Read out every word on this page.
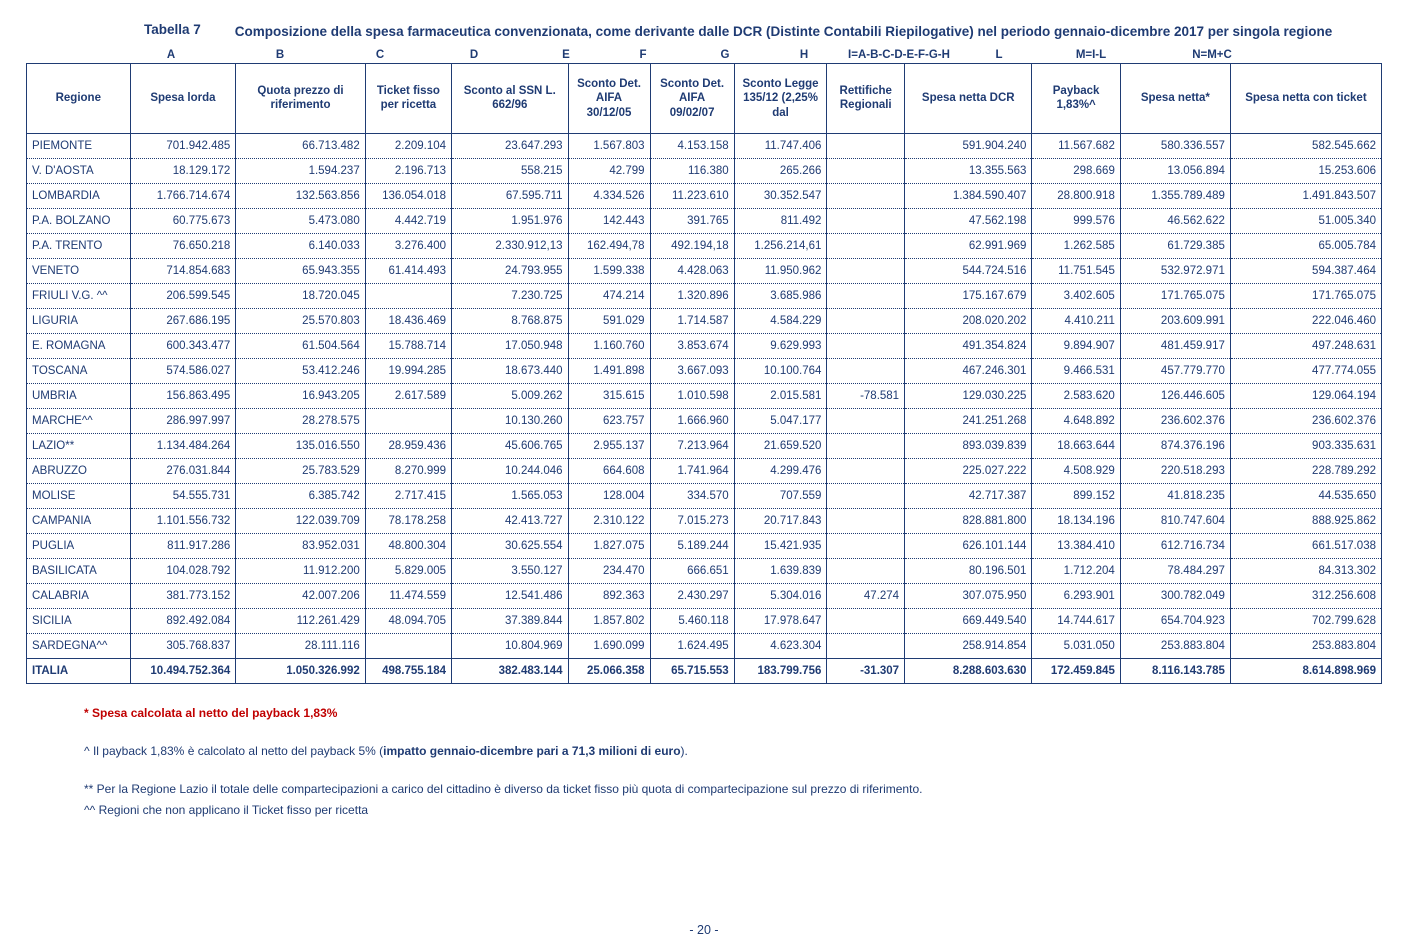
Tabella 7	Composizione della spesa farmaceutica convenzionata, come derivante dalle DCR (Distinte Contabili Riepilogative) nel periodo gennaio-dicembre 2017 per singola regione
A	B	C	D	E	F	G	H	I=A-B-C-D-E-F-G-H	L	M=I-L	N=M+C
Regione	Spesa lorda	Quota prezzo di riferimento	Ticket fisso per ricetta	Sconto al SSN L. 662/96	Sconto Det. AIFA 30/12/05	Sconto Det. AIFA 09/02/07	Sconto Legge 135/12 (2,25% dal	Rettifiche Regionali	Spesa netta DCR	Payback 1,83%^	Spesa netta*	Spesa netta con ticket
PIEMONTE	701.942.485	66.713.482	2.209.104	23.647.293	1.567.803	4.153.158	11.747.406		591.904.240	11.567.682	580.336.557	582.545.662
V. D'AOSTA	18.129.172	1.594.237	2.196.713	558.215	42.799	116.380	265.266		13.355.563	298.669	13.056.894	15.253.606
LOMBARDIA	1.766.714.674	132.563.856	136.054.018	67.595.711	4.334.526	11.223.610	30.352.547		1.384.590.407	28.800.918	1.355.789.489	1.491.843.507
P.A. BOLZANO	60.775.673	5.473.080	4.442.719	1.951.976	142.443	391.765	811.492		47.562.198	999.576	46.562.622	51.005.340
P.A. TRENTO	76.650.218	6.140.033	3.276.400	2.330.912,13	162.494,78	492.194,18	1.256.214,61		62.991.969	1.262.585	61.729.385	65.005.784
VENETO	714.854.683	65.943.355	61.414.493	24.793.955	1.599.338	4.428.063	11.950.962		544.724.516	11.751.545	532.972.971	594.387.464
FRIULI V.G. ^^	206.599.545	18.720.045		7.230.725	474.214	1.320.896	3.685.986		175.167.679	3.402.605	171.765.075	171.765.075
LIGURIA	267.686.195	25.570.803	18.436.469	8.768.875	591.029	1.714.587	4.584.229		208.020.202	4.410.211	203.609.991	222.046.460
E. ROMAGNA	600.343.477	61.504.564	15.788.714	17.050.948	1.160.760	3.853.674	9.629.993		491.354.824	9.894.907	481.459.917	497.248.631
TOSCANA	574.586.027	53.412.246	19.994.285	18.673.440	1.491.898	3.667.093	10.100.764		467.246.301	9.466.531	457.779.770	477.774.055
UMBRIA	156.863.495	16.943.205	2.617.589	5.009.262	315.615	1.010.598	2.015.581	-78.581	129.030.225	2.583.620	126.446.605	129.064.194
MARCHE^^	286.997.997	28.278.575		10.130.260	623.757	1.666.960	5.047.177		241.251.268	4.648.892	236.602.376	236.602.376
LAZIO**	1.134.484.264	135.016.550	28.959.436	45.606.765	2.955.137	7.213.964	21.659.520		893.039.839	18.663.644	874.376.196	903.335.631
ABRUZZO	276.031.844	25.783.529	8.270.999	10.244.046	664.608	1.741.964	4.299.476		225.027.222	4.508.929	220.518.293	228.789.292
MOLISE	54.555.731	6.385.742	2.717.415	1.565.053	128.004	334.570	707.559		42.717.387	899.152	41.818.235	44.535.650
CAMPANIA	1.101.556.732	122.039.709	78.178.258	42.413.727	2.310.122	7.015.273	20.717.843		828.881.800	18.134.196	810.747.604	888.925.862
PUGLIA	811.917.286	83.952.031	48.800.304	30.625.554	1.827.075	5.189.244	15.421.935		626.101.144	13.384.410	612.716.734	661.517.038
BASILICATA	104.028.792	11.912.200	5.829.005	3.550.127	234.470	666.651	1.639.839		80.196.501	1.712.204	78.484.297	84.313.302
CALABRIA	381.773.152	42.007.206	11.474.559	12.541.486	892.363	2.430.297	5.304.016	47.274	307.075.950	6.293.901	300.782.049	312.256.608
SICILIA	892.492.084	112.261.429	48.094.705	37.389.844	1.857.802	5.460.118	17.978.647		669.449.540	14.744.617	654.704.923	702.799.628
SARDEGNA^^	305.768.837	28.111.116		10.804.969	1.690.099	1.624.495	4.623.304		258.914.854	5.031.050	253.883.804	253.883.804
ITALIA	10.494.752.364	1.050.326.992	498.755.184	382.483.144	25.066.358	65.715.553	183.799.756	-31.307	8.288.603.630	172.459.845	8.116.143.785	8.614.898.969

* Spesa calcolata al netto del payback 1,83%

^ Il payback 1,83% è calcolato al netto del payback 5% (impatto gennaio-dicembre pari a 71,3 milioni di euro).

** Per la Regione Lazio il totale delle compartecipazioni a carico del cittadino è diverso da ticket fisso più quota di compartecipazione sul prezzo di riferimento.

^^ Regioni che non applicano il Ticket fisso per ricetta

- 20 -
